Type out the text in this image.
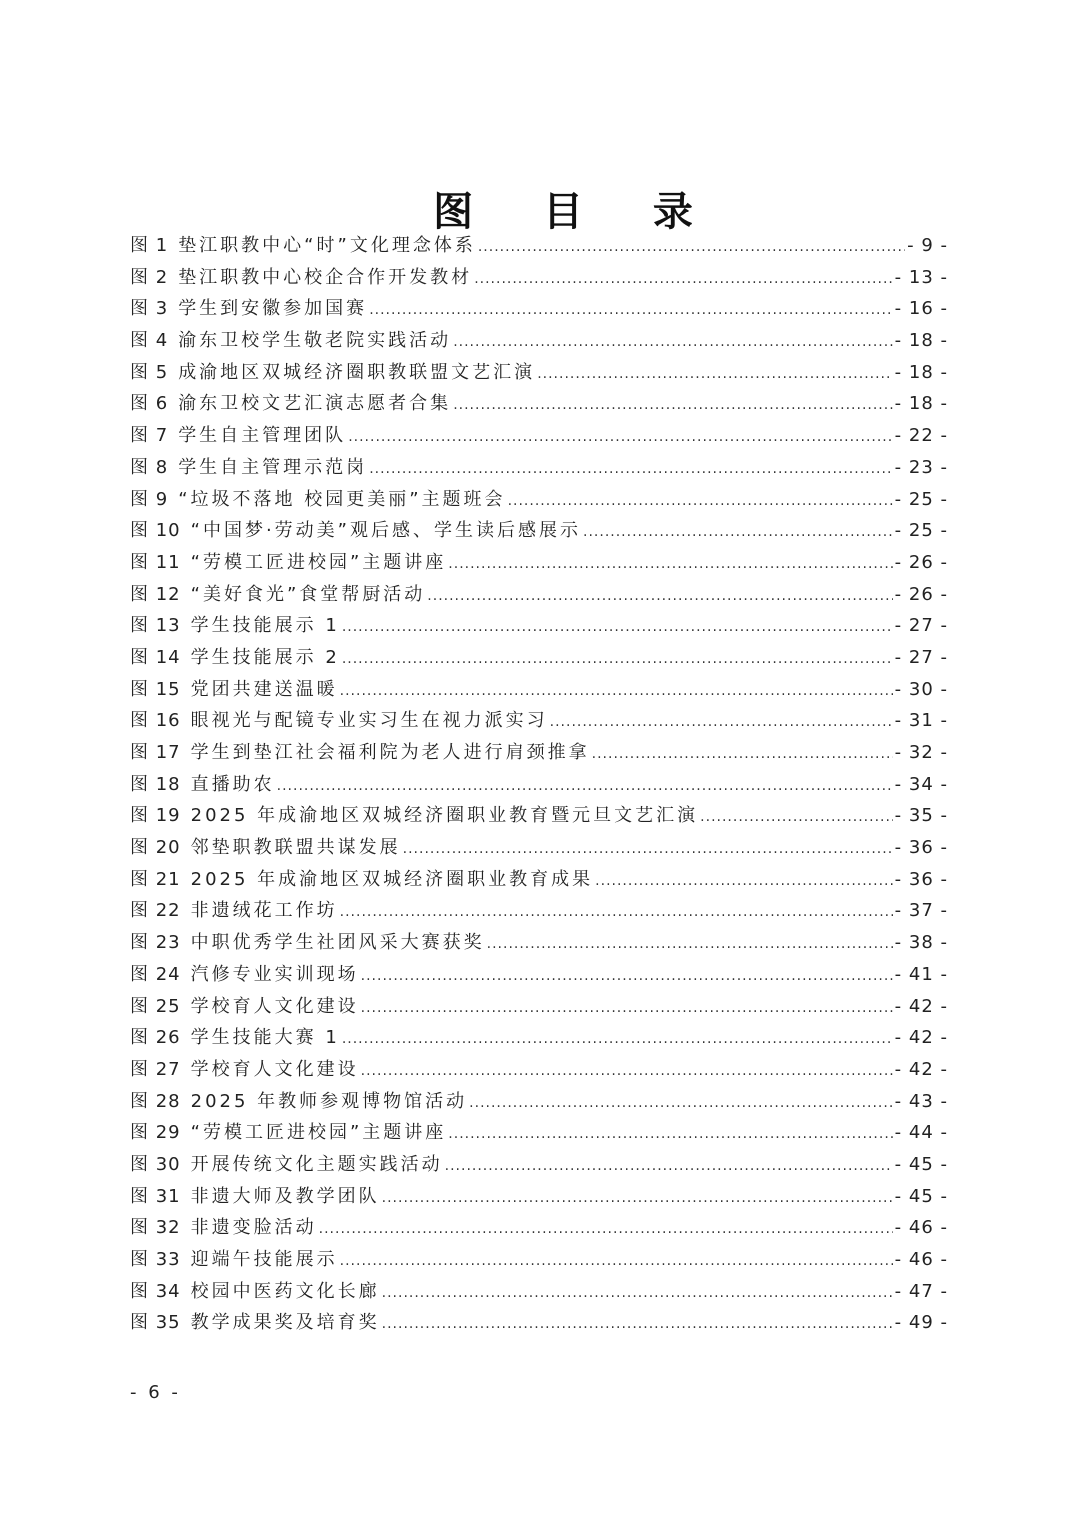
图 目 录
图 1 垫江职教中心“时”文化理念体系 .....	- 9 -
图 2 垫江职教中心校企合作开发教材 .....	- 13 -
图 3 学生到安徽参加国赛 .....	- 16 -
图 4 渝东卫校学生敬老院实践活动 .....	- 18 -
图 5 成渝地区双城经济圈职教联盟文艺汇演 .....	- 18 -
图 6 渝东卫校文艺汇演志愿者合集 .....	- 18 -
图 7 学生自主管理团队 .....	- 22 -
图 8 学生自主管理示范岗 .....	- 23 -
图 9 “垃圾不落地 校园更美丽”主题班会 .....	- 25 -
图 10 “中国梦·劳动美”观后感、学生读后感展示 .....	- 25 -
图 11 “劳模工匠进校园”主题讲座 .....	- 26 -
图 12 “美好食光”食堂帮厨活动 .....	- 26 -
图 13 学生技能展示 1 .....	- 27 -
图 14 学生技能展示 2 .....	- 27 -
图 15 党团共建送温暖 .....	- 30 -
图 16 眼视光与配镜专业实习生在视力派实习 .....	- 31 -
图 17 学生到垫江社会福利院为老人进行肩颈推拿 .....	- 32 -
图 18 直播助农 .....	- 34 -
图 19 2025 年成渝地区双城经济圈职业教育暨元旦文艺汇演 .....	- 35 -
图 20 邻垫职教联盟共谋发展 .....	- 36 -
图 21 2025 年成渝地区双城经济圈职业教育成果 .....	- 36 -
图 22 非遗绒花工作坊 .....	- 37 -
图 23 中职优秀学生社团风采大赛获奖 .....	- 38 -
图 24 汽修专业实训现场 .....	- 41 -
图 25 学校育人文化建设 .....	- 42 -
图 26 学生技能大赛 1 .....	- 42 -
图 27 学校育人文化建设 .....	- 42 -
图 28 2025 年教师参观博物馆活动 .....	- 43 -
图 29 “劳模工匠进校园”主题讲座 .....	- 44 -
图 30 开展传统文化主题实践活动 .....	- 45 -
图 31 非遗大师及教学团队 .....	- 45 -
图 32 非遗变脸活动 .....	- 46 -
图 33 迎端午技能展示 .....	- 46 -
图 34 校园中医药文化长廊 .....	- 47 -
图 35 教学成果奖及培育奖 .....	- 49 -
- 6 -
